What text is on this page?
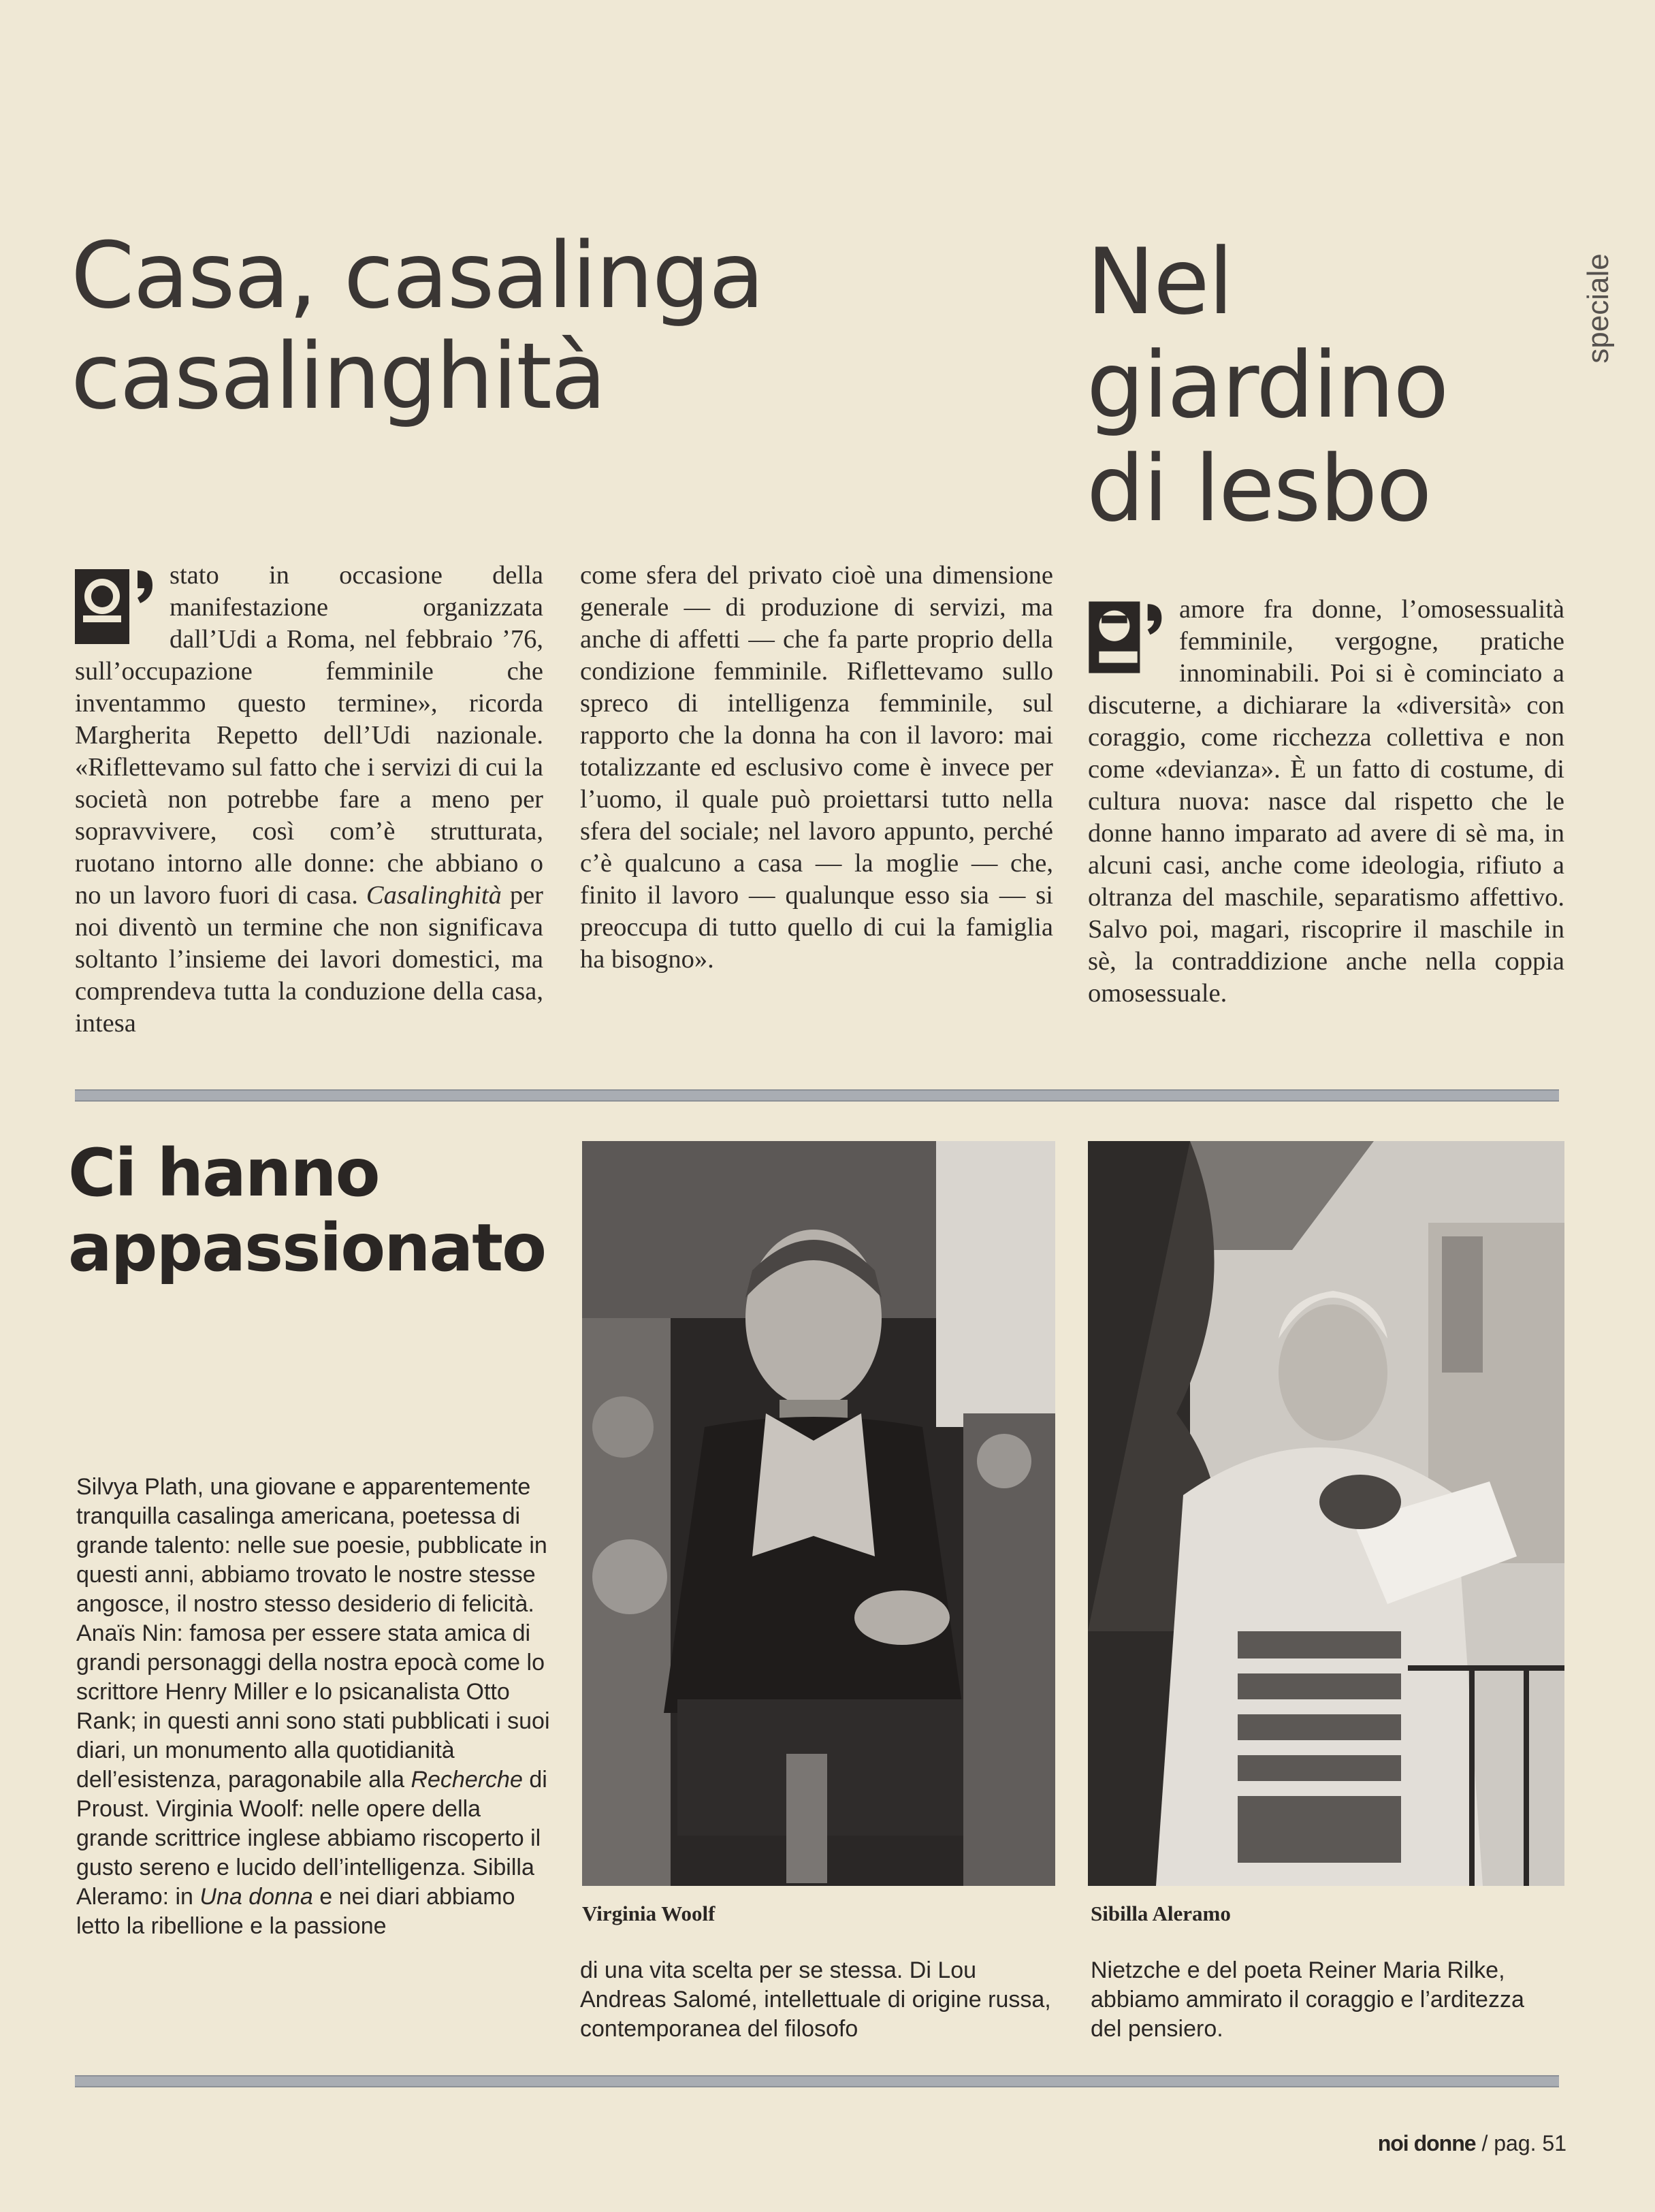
speciale
Casa, casalinga
casalinghità
Nel
giardino
di lesbo

stato in occasione della manifestazione organizzata dall’Udi a Roma, nel febbraio ’76, sull’occupazione femminile che inventammo questo termine», ricorda Margherita Repetto dell’Udi nazionale. «Riflettevamo sul fatto che i servizi di cui la società non potrebbe fare a meno per sopravvivere, così com’è strutturata, ruotano intorno alle donne: che abbiano o no un lavoro fuori di casa. Casalinghità per noi diventò un termine che non significava soltanto l’insieme dei lavori domestici, ma comprendeva tutta la conduzione della casa, intesa

come sfera del privato cioè una dimensione generale — di produzione di servizi, ma anche di affetti — che fa parte proprio della condizione femminile. Riflettevamo sullo spreco di intelligenza femminile, sul rapporto che la donna ha con il lavoro: mai totalizzante ed esclusivo come è invece per l’uomo, il quale può proiettarsi tutto nella sfera del sociale; nel lavoro appunto, perché c’è qualcuno a casa — la moglie — che, finito il lavoro — qualunque esso sia — si preoccupa di tutto quello di cui la famiglia ha bisogno».

amore fra donne, l’omosessualità femminile, vergogne, pratiche innominabili. Poi si è cominciato a discuterne, a dichiarare la «diversità» con coraggio, come ricchezza collettiva e non come «devianza». È un fatto di costume, di cultura nuova: nasce dal rispetto che le donne hanno imparato ad avere di sè ma, in alcuni casi, anche come ideologia, rifiuto a oltranza del maschile, separatismo affettivo. Salvo poi, magari, riscoprire il maschile in sè, la contraddizione anche nella coppia omosessuale.

Ci hanno
appassionato
Silvya Plath, una giovane e apparentemente tranquilla casalinga americana, poetessa di grande talento: nelle sue poesie, pubblicate in questi anni, abbiamo trovato le nostre stesse angosce, il nostro stesso desiderio di felicità. Anaïs Nin: famosa per essere stata amica di grandi personaggi della nostra epocà come lo scrittore Henry Miller e lo psicanalista Otto Rank; in questi anni sono stati pubblicati i suoi diari, un monumento alla quotidianità dell’esistenza, paragonabile alla Recherche di Proust. Virginia Woolf: nelle opere della grande scrittrice inglese abbiamo riscoperto il gusto sereno e lucido dell’intelligenza. Sibilla Aleramo: in Una donna e nei diari abbiamo letto la ribellione e la passione	Virginia Woolf
di una vita scelta per se stessa. Di Lou Andreas Salomé, intellettuale di origine russa, contemporanea del filosofo
Sibilla Aleramo
Nietzche e del poeta Reiner Maria Rilke, abbiamo ammirato il coraggio e l’arditezza del pensiero.
noi donne / pag. 51
